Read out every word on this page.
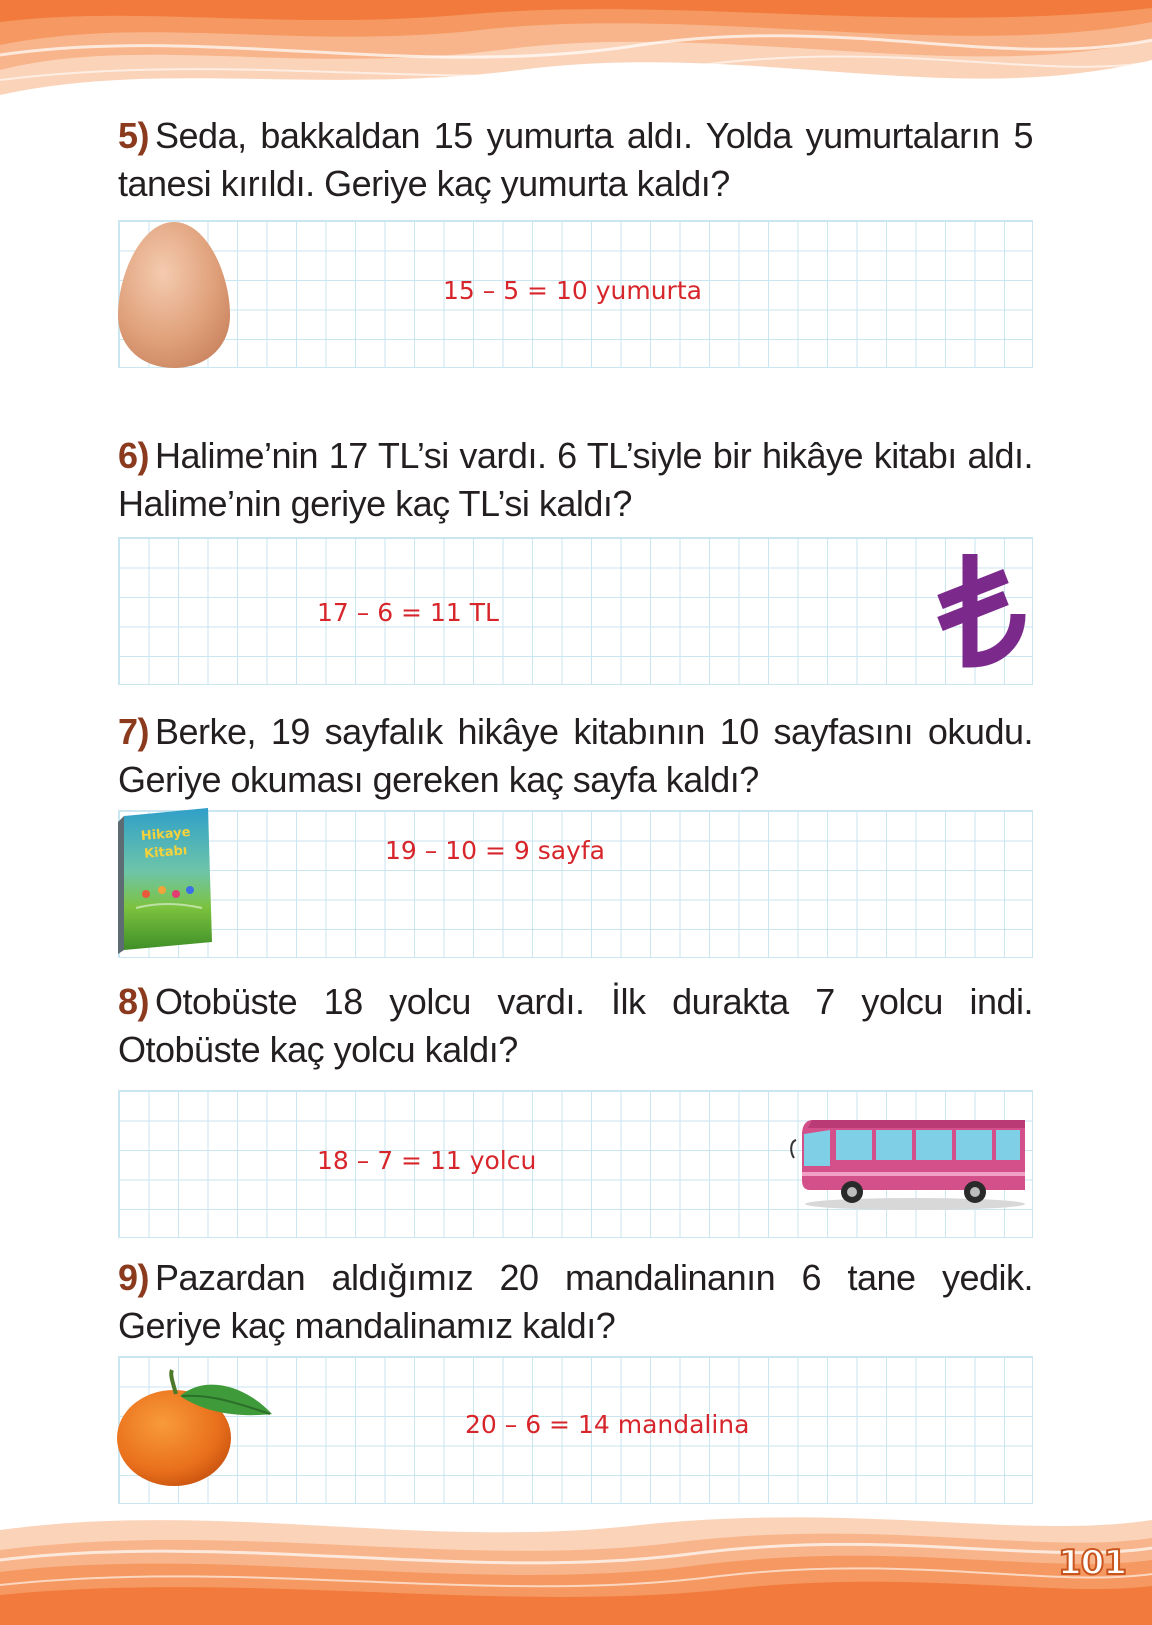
5) Seda, bakkaldan 15 yumurta aldı. Yolda yumurtaların 5 tanesi kırıldı. Geriye kaç yumurta kaldı?
15 – 5 = 10 yumurta
6) Halime’nin 17 TL’si vardı. 6 TL’siyle bir hikâye kitabı aldı. Halime’nin geriye kaç TL’si kaldı?
17 – 6 = 11 TL
7) Berke, 19 sayfalık hikâye kitabının 10 sayfasını okudu. Geriye okuması gereken kaç sayfa kaldı?
Hikaye
Kitabı	19 – 10 = 9 sayfa
8) Otobüste 18 yolcu vardı. İlk durakta 7 yolcu indi. Otobüste kaç yolcu kaldı?
18 – 7 = 11 yolcu
9) Pazardan aldığımız 20 mandalinanın 6 tane yedik. Geriye kaç mandalinamız kaldı?
20 – 6 = 14 mandalina
101
